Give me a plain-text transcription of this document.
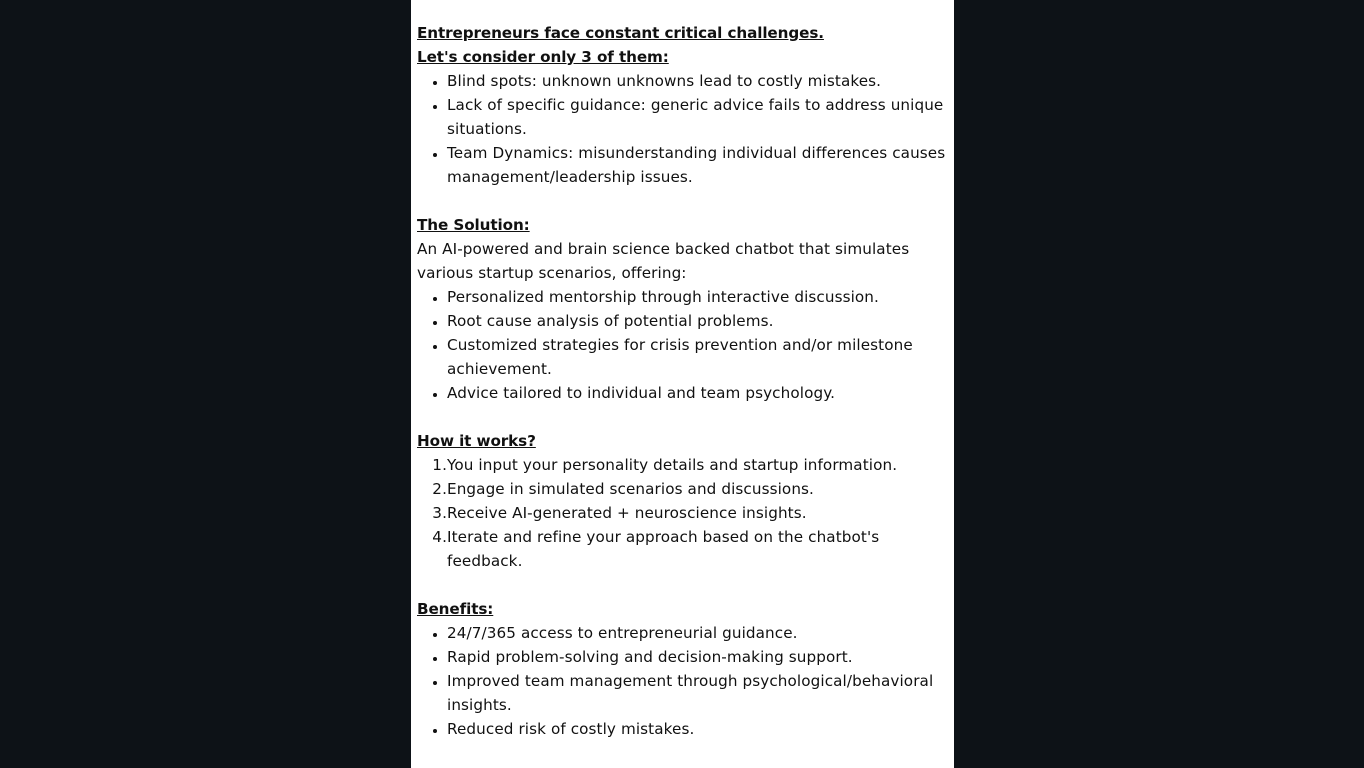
Entrepreneurs face constant critical challenges.

Let's consider only 3 of them:

• Blind spots: unknown unknowns lead to costly mistakes.
• Lack of specific guidance: generic advice fails to address unique situations.
• Team Dynamics: misunderstanding individual differences causes management/leadership issues.

The Solution:

An AI-powered and brain science backed chatbot that simulates various startup scenarios, offering:

• Personalized mentorship through interactive discussion.
• Root cause analysis of potential problems.
• Customized strategies for crisis prevention and/or milestone achievement.
• Advice tailored to individual and team psychology.

How it works?

1. You input your personality details and startup information.
2. Engage in simulated scenarios and discussions.
3. Receive AI-generated + neuroscience insights.
4. Iterate and refine your approach based on the chatbot's feedback.

Benefits:

• 24/7/365 access to entrepreneurial guidance.
• Rapid problem-solving and decision-making support.
• Improved team management through psychological/behavioral insights.
• Reduced risk of costly mistakes.
